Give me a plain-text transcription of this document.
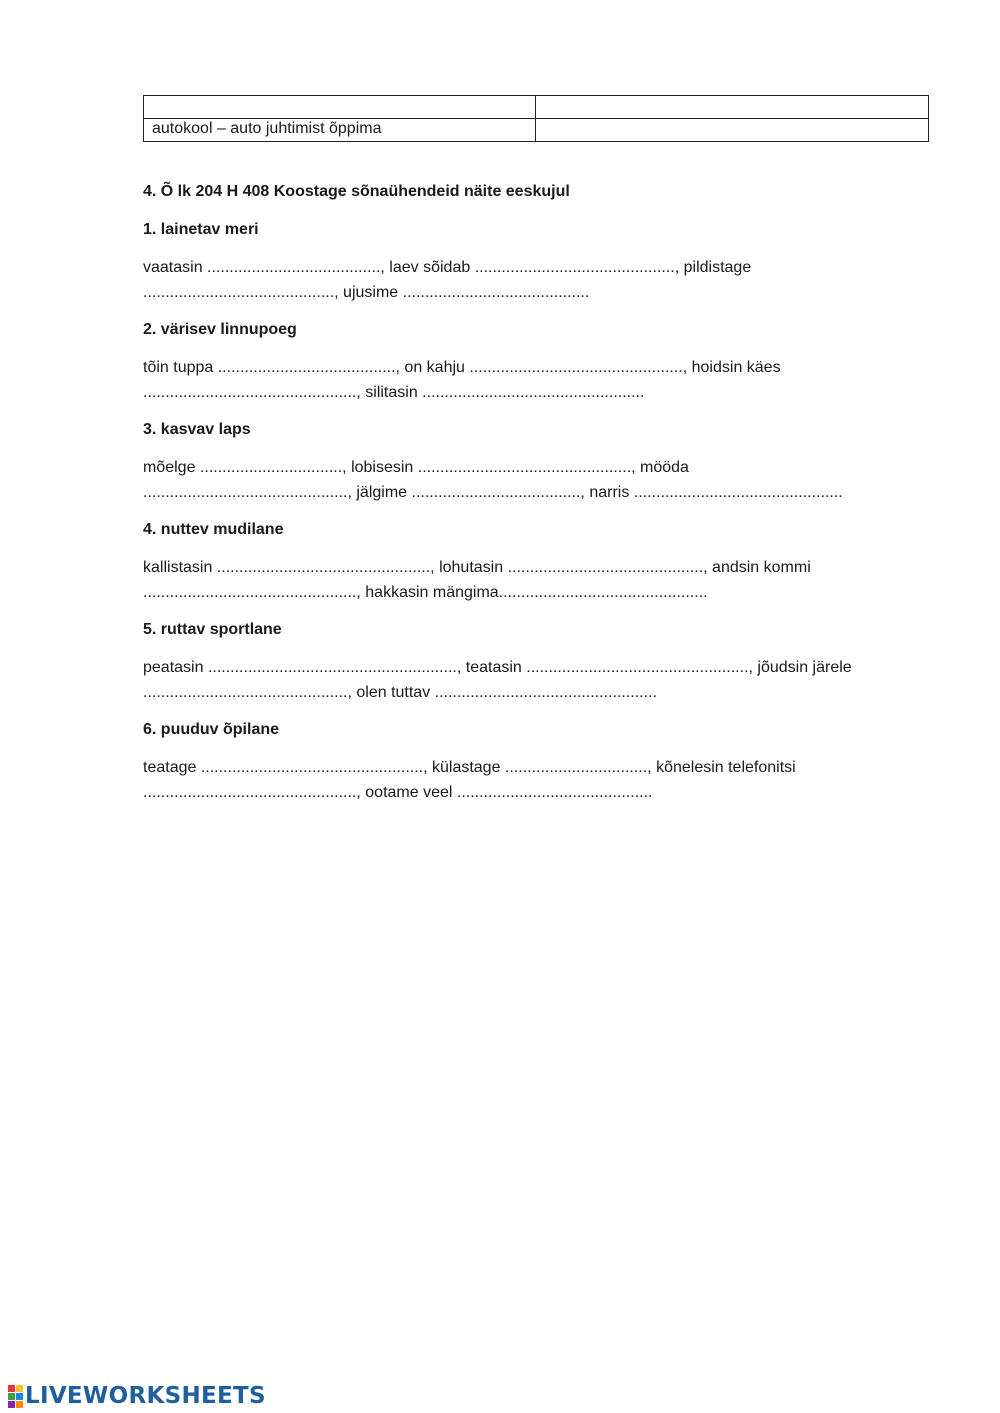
autokool – auto juhtimist õppima	
4. Õ lk 204 H 408 Koostage sõnaühendeid näite eeskujul
1. lainetav meri
vaatasin ......................................., laev sõidab ............................................., pildistage
..........................................., ujusime ..........................................
2. värisev linnupoeg
tõin tuppa ........................................, on kahju ................................................, hoidsin käes
................................................, silitasin ..................................................
3. kasvav laps
mõelge ................................, lobisesin ................................................, mööda
.............................................., jälgime ......................................, narris ...............................................
4. nuttev mudilane
kallistasin ................................................, lohutasin ............................................, andsin kommi
................................................, hakkasin mängima...............................................
5. ruttav sportlane
peatasin ........................................................, teatasin .................................................., jõudsin järele
.............................................., olen tuttav ..................................................
6. puuduv õpilane
teatage .................................................., külastage ................................, kõnelesin telefonitsi
................................................, ootame veel ............................................
LIVEWORKSHEETS
